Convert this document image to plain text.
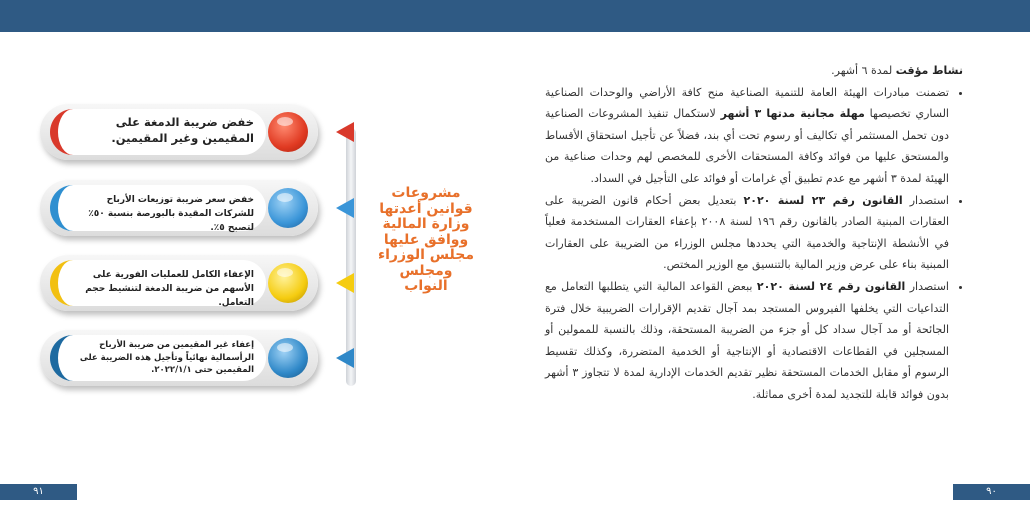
نشاط مؤقت لمدة ٦ أشهر.

• تضمنت مبادرات الهيئة العامة للتنمية الصناعية منح كافة الأراضي والوحدات الصناعية الساري تخصيصها مهلة مجانية مدتها ٣ أشهر لاستكمال تنفيذ المشروعات الصناعية دون تحمل المستثمر أي تكاليف أو رسوم تحت أي بند، فضلاً عن تأجيل استحقاق الأقساط والمستحق عليها من فوائد وكافة المستحقات الأخرى للمخصص لهم وحدات صناعية من الهيئة لمدة ٣ أشهر مع عدم تطبيق أي غرامات أو فوائد على التأجيل في السداد.
• استصدار القانون رقم ٢٣ لسنة ٢٠٢٠ بتعديل بعض أحكام قانون الضريبة على العقارات المبنية الصادر بالقانون رقم ١٩٦ لسنة ٢٠٠٨ بإعفاء العقارات المستخدمة فعلياً في الأنشطة الإنتاجية والخدمية التي يحددها مجلس الوزراء من الضريبة على العقارات المبنية بناء على عرض وزير المالية بالتنسيق مع الوزير المختص.
• استصدار القانون رقم ٢٤ لسنة ٢٠٢٠ ببعض القواعد المالية التي يتطلبها التعامل مع التداعيات التي يخلفها الفيروس المستجد بمد آجال تقديم الإقرارات الضريبية خلال فترة الجائحة أو مد آجال سداد كل أو جزء من الضريبة المستحقة، وذلك بالنسبة للممولين أو المسجلين في القطاعات الاقتصادية أو الإنتاجية أو الخدمية المتضررة، وكذلك تقسيط الرسوم أو مقابل الخدمات المستحقة نظير تقديم الخدمات الإدارية لمدة لا تتجاوز ٣ أشهر بدون فوائد قابلة للتجديد لمدة أخرى مماثلة.
مشروعات قوانين أعدتها وزارة المالية ووافق عليها مجلس الوزراء ومجلس النواب
خفض ضريبة الدمغة على المقيمين وغير المقيمين.
خفض سعر ضريبة توزيعات الأرباح للشركات المقيدة بالبورصة بنسبة ٥٠٪ لتصبح ٥٪.
الإعفاء الكامل للعمليات الفورية على الأسهم من ضريبة الدمغة لتنشيط حجم التعامل.
إعفاء غير المقيمين من ضريبة الأرباح الرأسمالية نهائياً وتأجيل هذه الضريبة على المقيمين حتى ٢٠٢٢/١/١.
٩١	٩٠
